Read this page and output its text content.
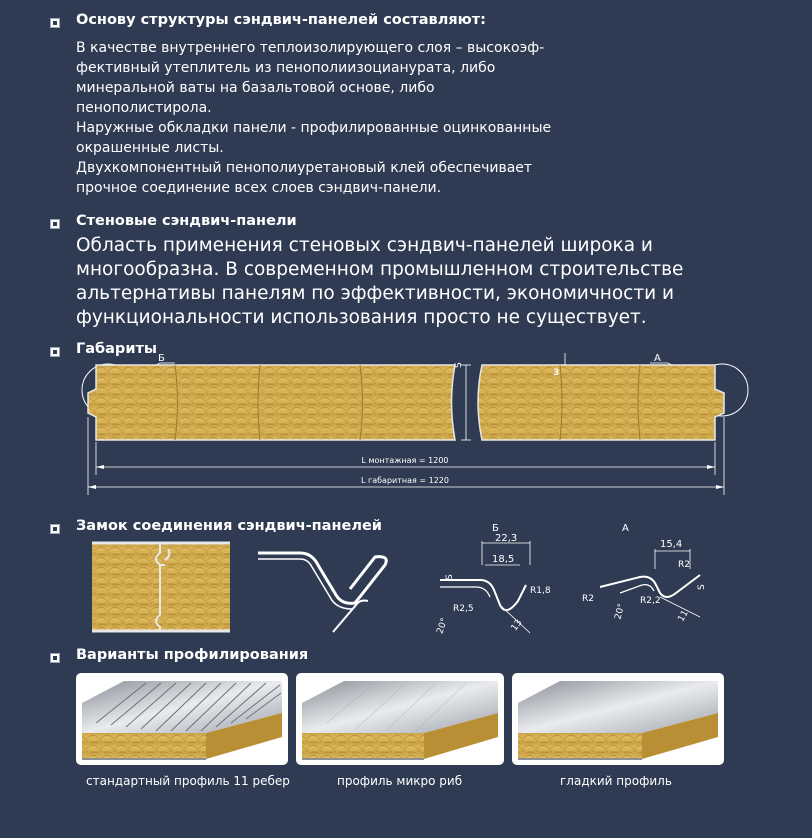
Основу структуры сэндвич-панелей составляют:
В качестве внутреннего теплоизолирующего слоя – высокоэф-
фективный утеплитель из пенополиизоцианурата, либо
минеральной ваты на базальтовой основе, либо
пенополистирола.
Наружные обкладки панели - профилированные оцинкованные
окрашенные листы.
Двухкомпонентный пенополиуретановый клей обеспечивает
прочное соединение всех слоев сэндвич-панели.
Стеновые сэндвич-панели
Область применения стеновых сэндвич-панелей широка и
многообразна. В современном промышленном строительстве
альтернативы панелям по эффективности, экономичности и
функциональности использования просто не существует.
Габариты
Б	А
S
3
L монтажная = 1200
L габаритная = 1220
Замок соединения сэндвич-панелей	Б
22,3
18,5
R1,8
R2,5
S
20°	13
А
15,4
R2
R2,2
R2
S
20°	11
Варианты профилирования
стандартный профиль 11 ребер	профиль микро риб	гладкий профиль
